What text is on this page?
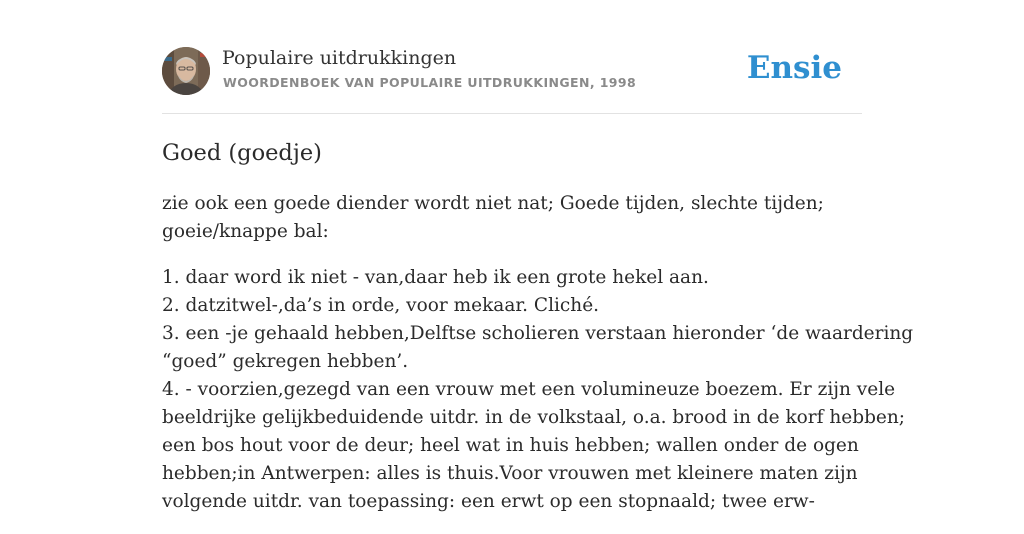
Populaire uitdrukkingen
WOORDENBOEK VAN POPULAIRE UITDRUKKINGEN, 1998	Ensie
Goed (goedje)

zie ook een goede diender wordt niet nat; Goede tijden, slechte tijden;
goeie/knappe bal:

1. daar word ik niet - van,daar heb ik een grote hekel aan.
2. datzitwel-,da’s in orde, voor mekaar. Cliché.
3. een -je gehaald hebben,Delftse scholieren verstaan hieronder ‘de waardering
“goed” gekregen hebben’.
4. - voorzien,gezegd van een vrouw met een volumineuze boezem. Er zijn vele
beeldrijke gelijkbeduidende uitdr. in de volkstaal, o.a. brood in de korf hebben;
een bos hout voor de deur; heel wat in huis hebben; wallen onder de ogen
hebben;in Antwerpen: alles is thuis.Voor vrouwen met kleinere maten zijn
volgende uitdr. van toepassing: een erwt op een stopnaald; twee erw-
